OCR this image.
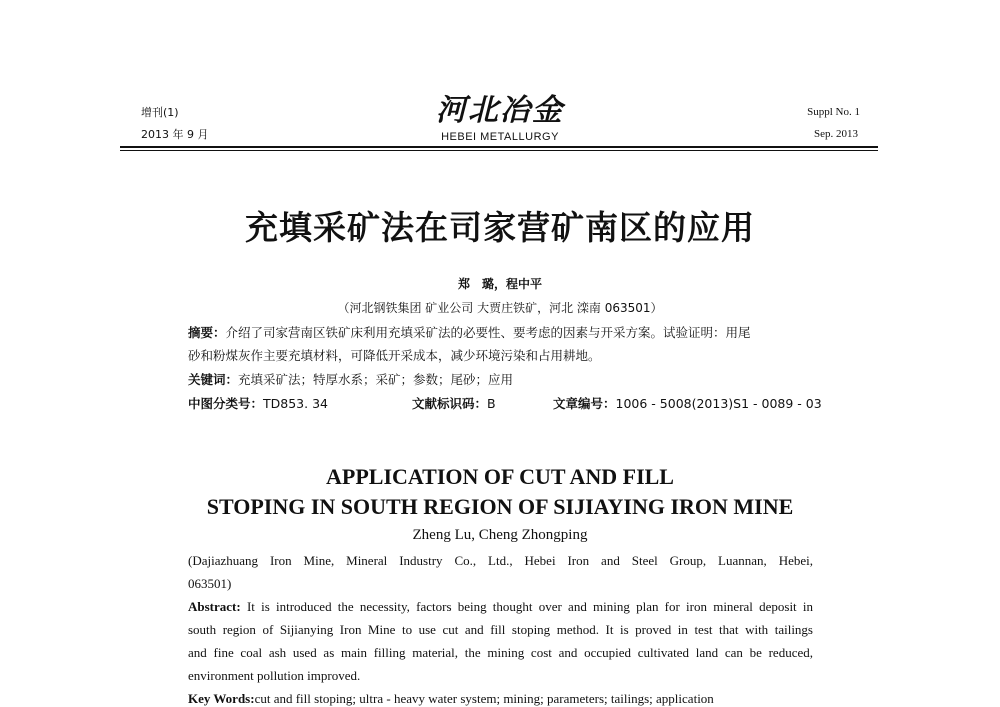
增刊(1)
2013 年 9 月
河北冶金
HEBEI METALLURGY
Suppl No. 1
Sep. 2013
充填采矿法在司家营矿南区的应用
郑　璐，程中平
（河北钢铁集团 矿业公司 大贾庄铁矿，河北 滦南 063501）
摘要：介绍了司家营南区铁矿床利用充填采矿法的必要性、要考虑的因素与开采方案。试验证明：用尾
砂和粉煤灰作主要充填材料，可降低开采成本，减少环境污染和占用耕地。
关键词：充填采矿法；特厚水系；采矿；参数；尾砂；应用
中图分类号：TD853. 34	文献标识码：B	文章编号：1006 - 5008(2013)S1 - 0089 - 03
APPLICATION OF CUT AND FILL
STOPING IN SOUTH REGION OF SIJIAYING IRON MINE
Zheng Lu, Cheng Zhongping
(Dajiazhuang Iron Mine, Mineral Industry Co., Ltd., Hebei Iron and Steel Group, Luannan, Hebei,
063501)
Abstract: It is introduced the necessity, factors being thought over and mining plan for iron mineral deposit in
south region of Sijianying Iron Mine to use cut and fill stoping method. It is proved in test that with tailings
and fine coal ash used as main filling material, the mining cost and occupied cultivated land can be reduced,
environment pollution improved.
Key Words:cut and fill stoping; ultra - heavy water system; mining; parameters; tailings; application
